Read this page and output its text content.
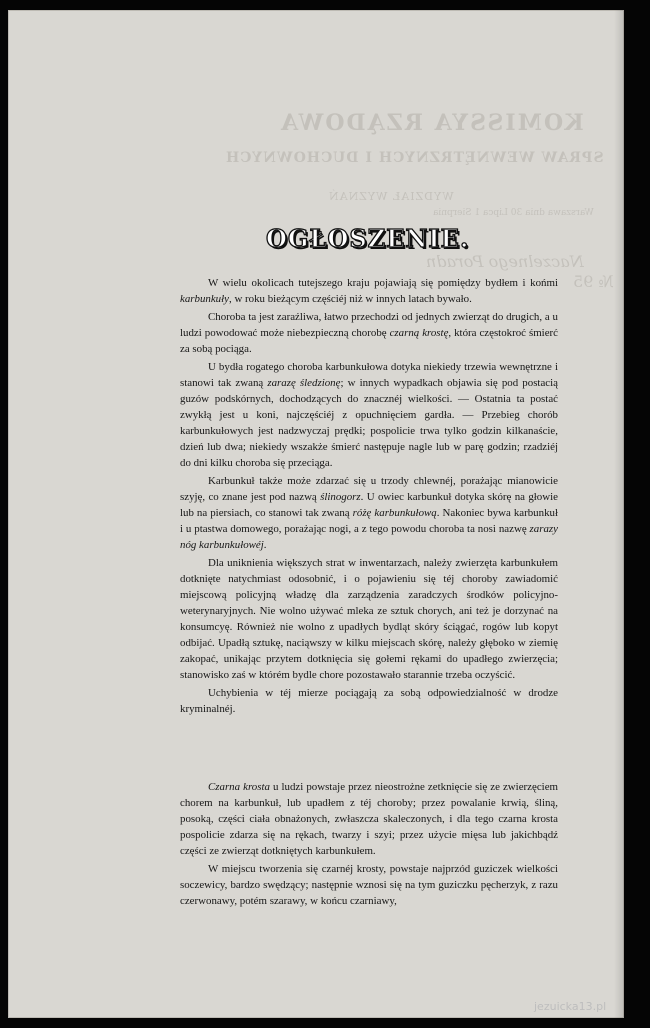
KOMISSYA RZĄDOWA
SPRAW WEWNĘTRZNYCH I DUCHOWNYCH
WYDZIAŁ WYZNAŃ
Warszawa dnia 30 Lipca 1 Sierpnia
Naczelnego Poradn
№ 95
OGŁOSZENIE.

W wielu okolicach tutejszego kraju pojawiają się pomiędzy bydłem i końmi karbunkuły, w roku bieżącym częściéj niż w innych latach bywało.

Choroba ta jest zaraźliwa, łatwo przechodzi od jednych zwierząt do drugich, a u ludzi powodować może niebezpieczną chorobę czarną krostę, która częstokroć śmierć za sobą pociąga.

U bydła rogatego choroba karbunkułowa dotyka niekiedy trzewia wewnętrzne i stanowi tak zwaną zarazę śledzionę; w innych wypadkach objawia się pod postacią guzów podskórnych, dochodzących do znacznéj wielkości. — Ostatnia ta postać zwykłą jest u koni, najczęściéj z opuchnięciem gardła. — Przebieg chorób karbunkułowych jest nadzwyczaj prędki; pospolicie trwa tylko godzin kilkanaście, dzień lub dwa; niekiedy wszakże śmierć następuje nagle lub w parę godzin; rzadziéj do dni kilku choroba się przeciąga.

Karbunkuł także może zdarzać się u trzody chlewnéj, porażając mianowicie szyję, co znane jest pod nazwą ślinogorz. U owiec karbunkuł dotyka skórę na głowie lub na piersiach, co stanowi tak zwaną różę karbunkułową. Nakoniec bywa karbunkuł i u ptastwa domowego, porażając nogi, a z tego powodu choroba ta nosi nazwę zarazy nóg karbunkułowéj.

Dla uniknienia większych strat w inwentarzach, należy zwierzęta karbunkułem dotknięte natychmiast odosobnić, i o pojawieniu się téj choroby zawiadomić miejscową policyjną władzę dla zarządzenia zaradczych środków policyjno-weterynaryjnych. Nie wolno używać mleka ze sztuk chorych, ani też je dorzynać na konsumcyę. Również nie wolno z upadłych bydląt skóry ściągać, rogów lub kopyt odbijać. Upadłą sztukę, naciąwszy w kilku miejscach skórę, należy głęboko w ziemię zakopać, unikając przytem dotknięcia się gołemi rękami do upadłego zwierzęcia; stanowisko zaś w którém bydle chore pozostawało starannie trzeba oczyścić.

Uchybienia w téj mierze pociągają za sobą odpowiedzialność w drodze kryminalnéj.

Czarna krosta u ludzi powstaje przez nieostrożne zetknięcie się ze zwierzęciem chorem na karbunkuł, lub upadłem z téj choroby; przez powalanie krwią, śliną, posoką, części ciała obnażonych, zwłaszcza skaleczonych, i dla tego czarna krosta pospolicie zdarza się na rękach, twarzy i szyi; przez użycie mięsa lub jakichbądź części ze zwierząt dotkniętych karbunkułem.

W miejscu tworzenia się czarnéj krosty, powstaje najprzód guziczek wielkości soczewicy, bardzo swędzący; następnie wznosi się na tym guziczku pęcherzyk, z razu czerwonawy, potém szarawy, w końcu czarniawy,

jezuicka13.pl
